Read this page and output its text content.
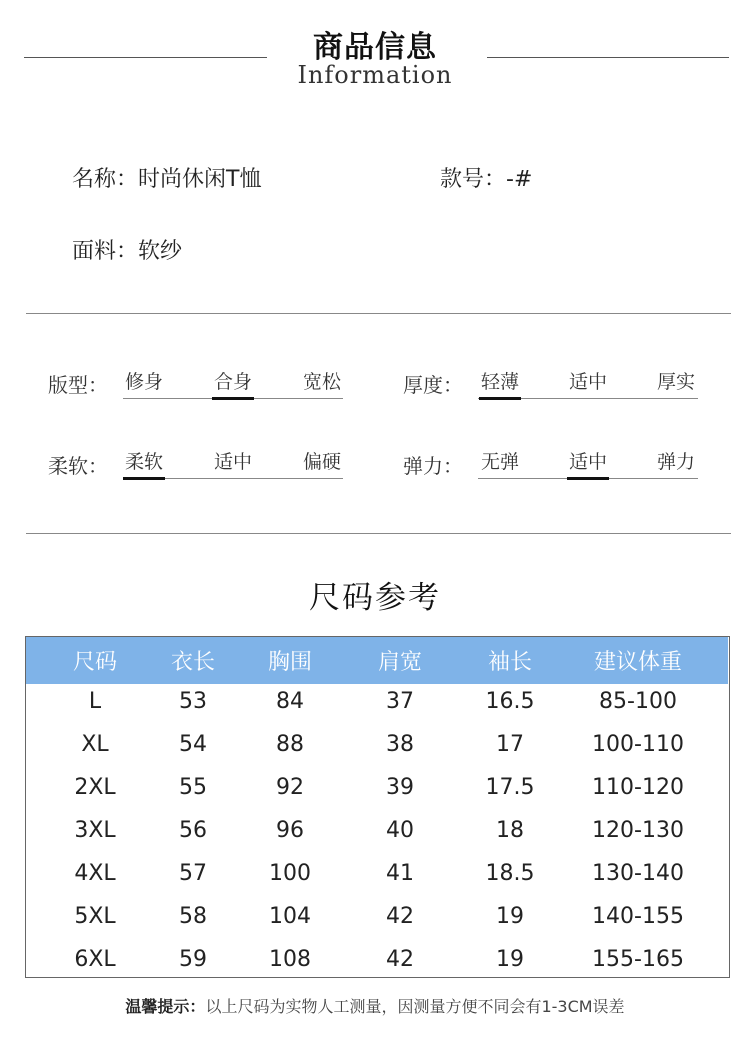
商品信息
Information
名称：时尚休闲T恤	款号：-#
面料：软纱
版型： 修身	合身	宽松	厚度： 轻薄	适中	厚实
柔软： 柔软	适中	偏硬	弹力： 无弹	适中	弹力
尺码参考
尺码	衣长	胸围	肩宽	袖长	建议体重
L	53	84	37	16.5	85-100
XL	54	88	38	17	100-110
2XL	55	92	39	17.5	110-120
3XL	56	96	40	18	120-130
4XL	57	100	41	18.5	130-140
5XL	58	104	42	19	140-155
6XL	59	108	42	19	155-165
温馨提示：以上尺码为实物人工测量，因测量方便不同会有1-3CM误差
